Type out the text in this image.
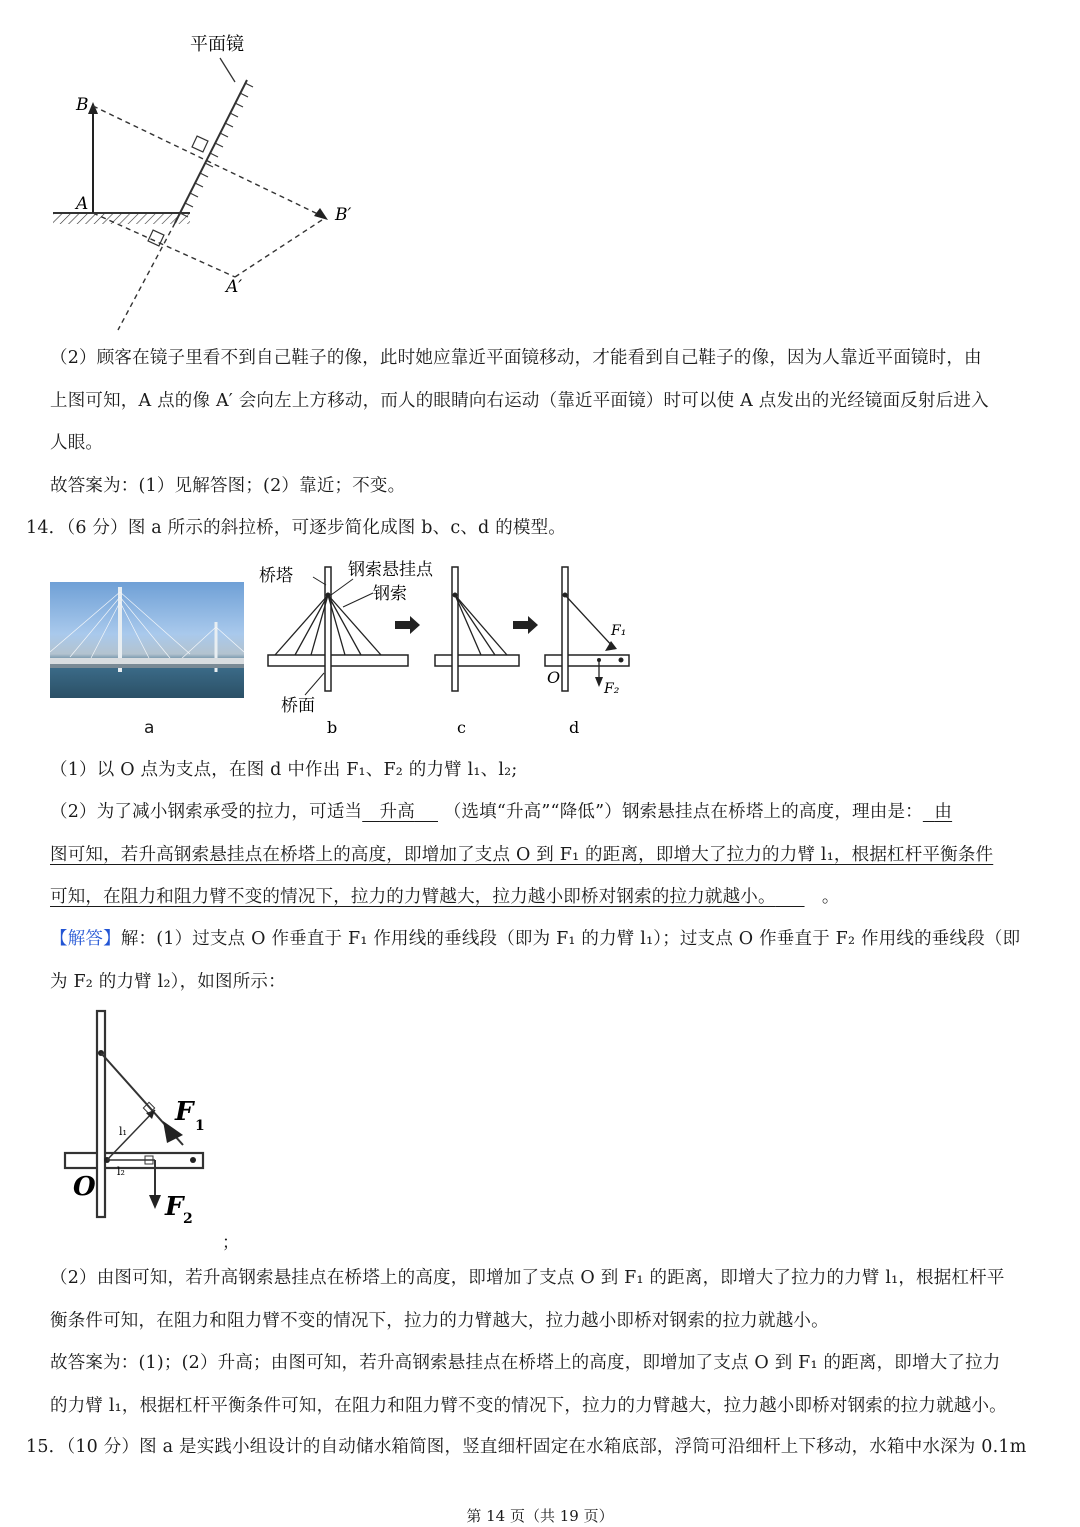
平面镜
B
A
B′
A′
（2）顾客在镜子里看不到自己鞋子的像，此时她应靠近平面镜移动，才能看到自己鞋子的像，因为人靠近平面镜时，由
上图可知，A 点的像 A′ 会向左上方移动，而人的眼睛向右运动（靠近平面镜）时可以使 A 点发出的光经镜面反射后进入
人眼。
故答案为：(1）见解答图；(2）靠近；不变。
14．（6 分）图 a 所示的斜拉桥，可逐步简化成图 b、c、d 的模型。
a
桥塔	钢索悬挂点
钢索
桥面
b	c
F₁
F₂
O
d
（1）以 O 点为支点，在图 d 中作出 F₁、F₂ 的力臂 l₁、l₂;
（2）为了减小钢索承受的拉力，可适当 升高 （选填“升高”“降低”）钢索悬挂点在桥塔上的高度，理由是： 由
图可知，若升高钢索悬挂点在桥塔上的高度，即增加了支点 O 到 F₁ 的距离，即增大了拉力的力臂 l₁，根据杠杆平衡条件
可知，在阻力和阻力臂不变的情况下，拉力的力臂越大，拉力越小即桥对钢索的拉力就越小。	。
【解答】解：(1）过支点 O 作垂直于 F₁ 作用线的垂线段（即为 F₁ 的力臂 l₁）；过支点 O 作垂直于 F₂ 作用线的垂线段（即
为 F₂ 的力臂 l₂），如图所示：
F 1
F 2
O
l₁
l₂
；
（2）由图可知，若升高钢索悬挂点在桥塔上的高度，即增加了支点 O 到 F₁ 的距离，即增大了拉力的力臂 l₁，根据杠杆平
衡条件可知，在阻力和阻力臂不变的情况下，拉力的力臂越大，拉力越小即桥对钢索的拉力就越小。
故答案为：(1)；(2）升高；由图可知，若升高钢索悬挂点在桥塔上的高度，即增加了支点 O 到 F₁ 的距离，即增大了拉力
的力臂 l₁，根据杠杆平衡条件可知，在阻力和阻力臂不变的情况下，拉力的力臂越大，拉力越小即桥对钢索的拉力就越小。
15．（10 分）图 a 是实践小组设计的自动储水箱简图，竖直细杆固定在水箱底部，浮筒可沿细杆上下移动，水箱中水深为 0.1m
第 14 页（共 19 页）
